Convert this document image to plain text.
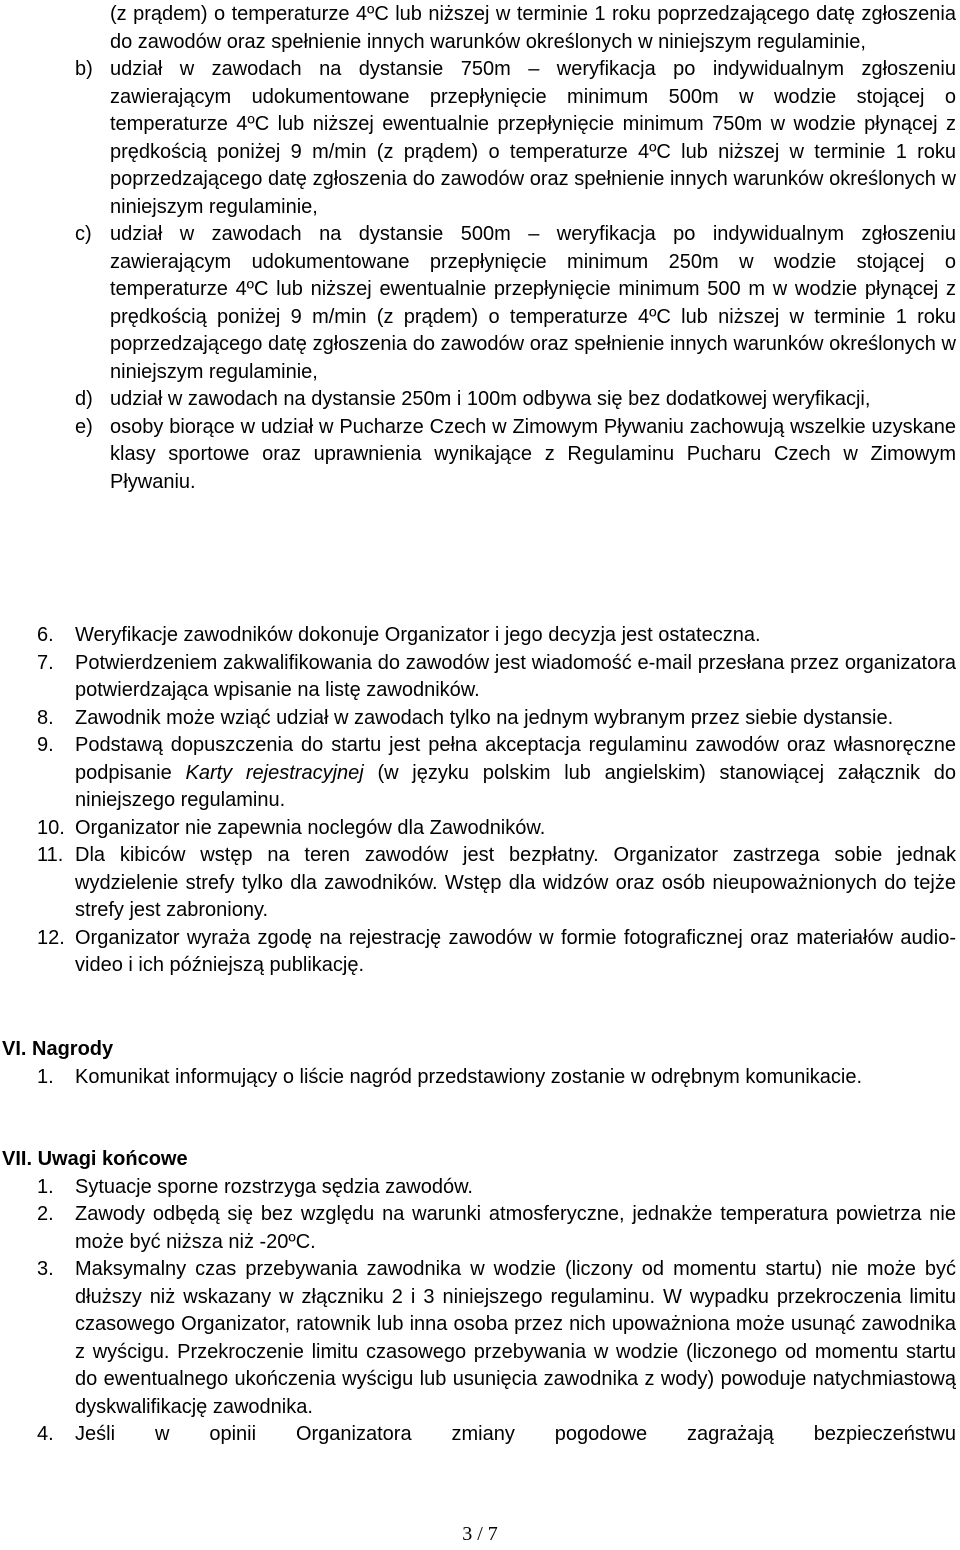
(z prądem) o temperaturze 4ºC lub niższej w terminie 1 roku poprzedzającego datę zgłoszenia do zawodów oraz spełnienie innych warunków określonych w niniejszym regulaminie,
b) udział w zawodach na dystansie 750m – weryfikacja po indywidualnym zgłoszeniu zawierającym udokumentowane przepłynięcie minimum 500m w wodzie stojącej o temperaturze 4ºC lub niższej ewentualnie przepłynięcie minimum 750m w wodzie płynącej z prędkością poniżej 9 m/min (z prądem) o temperaturze 4ºC lub niższej w terminie 1 roku poprzedzającego datę zgłoszenia do zawodów oraz spełnienie innych warunków określonych w niniejszym regulaminie,
c) udział w zawodach na dystansie 500m – weryfikacja po indywidualnym zgłoszeniu zawierającym udokumentowane przepłynięcie minimum 250m w wodzie stojącej o temperaturze 4ºC lub niższej ewentualnie przepłynięcie minimum 500 m w wodzie płynącej z prędkością poniżej 9 m/min (z prądem) o temperaturze 4ºC lub niższej w terminie 1 roku poprzedzającego datę zgłoszenia do zawodów oraz spełnienie innych warunków określonych w niniejszym regulaminie,
d) udział w zawodach na dystansie 250m i 100m odbywa się bez dodatkowej weryfikacji,
e) osoby biorące w udział w Pucharze Czech w Zimowym Pływaniu zachowują wszelkie uzyskane klasy sportowe oraz uprawnienia wynikające z Regulaminu Pucharu Czech w Zimowym Pływaniu.
6.	Weryfikacje zawodników dokonuje Organizator i jego decyzja jest ostateczna.
7.	Potwierdzeniem zakwalifikowania do zawodów jest wiadomość e-mail przesłana przez organizatora potwierdzająca wpisanie na listę zawodników.
8.	Zawodnik może wziąć udział w zawodach tylko na jednym wybranym przez siebie dystansie.
9.	Podstawą dopuszczenia do startu jest pełna akceptacja regulaminu zawodów oraz własnoręczne podpisanie Karty rejestracyjnej (w języku polskim lub angielskim) stanowiącej załącznik do niniejszego regulaminu.
10. Organizator nie zapewnia noclegów dla Zawodników.
11. Dla kibiców wstęp na teren zawodów jest bezpłatny. Organizator zastrzega sobie jednak wydzielenie strefy tylko dla zawodników. Wstęp dla widzów oraz osób nieupoważnionych do tejże strefy jest zabroniony.
12. Organizator wyraża zgodę na rejestrację zawodów w formie fotograficznej oraz materiałów audio-video i ich późniejszą publikację.
VI. Nagrody
1.	Komunikat informujący o liście nagród przedstawiony zostanie w odrębnym komunikacie.
VII. Uwagi końcowe
1.	Sytuacje sporne rozstrzyga sędzia zawodów.
2.	Zawody odbędą się bez względu na warunki atmosferyczne, jednakże temperatura powietrza nie może być niższa niż -20ºC.
3.	Maksymalny czas przebywania zawodnika w wodzie (liczony od momentu startu) nie może być dłuższy niż wskazany w złączniku 2 i 3 niniejszego regulaminu. W wypadku przekroczenia limitu czasowego Organizator, ratownik lub inna osoba przez nich upoważniona może usunąć zawodnika z wyścigu. Przekroczenie limitu czasowego przebywania w wodzie (liczonego od momentu startu do ewentualnego ukończenia wyścigu lub usunięcia zawodnika z wody) powoduje natychmiastową dyskwalifikację zawodnika.
4.	Jeśli w opinii Organizatora zmiany pogodowe zagrażają bezpieczeństwu
3 / 7
